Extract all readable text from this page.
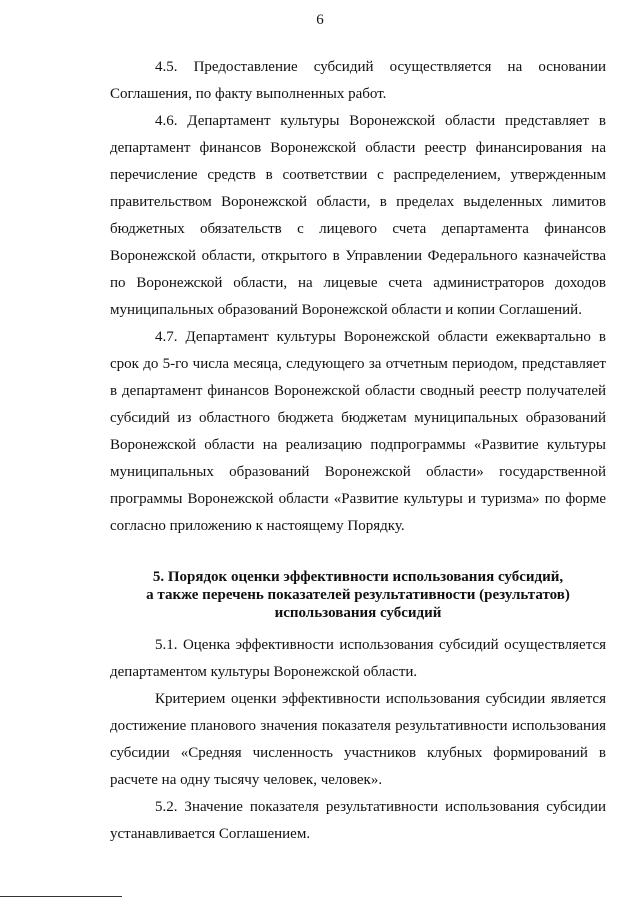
6

4.5. Предоставление субсидий осуществляется на основании Соглашения, по факту выполненных работ.

4.6. Департамент культуры Воронежской области представляет в департамент финансов Воронежской области реестр финансирования на перечисление средств в соответствии с распределением, утвержденным правительством Воронежской области, в пределах выделенных лимитов бюджетных обязательств с лицевого счета департамента финансов Воронежской области, открытого в Управлении Федерального казначейства по Воронежской области, на лицевые счета администраторов доходов муниципальных образований Воронежской области и копии Соглашений.

4.7. Департамент культуры Воронежской области ежеквартально в срок до 5-го числа месяца, следующего за отчетным периодом, представляет в департамент финансов Воронежской области сводный реестр получателей субсидий из областного бюджета бюджетам муниципальных образований Воронежской области на реализацию подпрограммы «Развитие культуры муниципальных образований Воронежской области» государственной программы Воронежской области «Развитие культуры и туризма» по форме согласно приложению к настоящему Порядку.

5. Порядок оценки эффективности использования субсидий,
а также перечень показателей результативности (результатов)
использования субсидий

5.1. Оценка эффективности использования субсидий осуществляется департаментом культуры Воронежской области.

Критерием оценки эффективности использования субсидии является достижение планового значения показателя результативности использования субсидии «Средняя численность участников клубных формирований в расчете на одну тысячу человек, человек».

5.2. Значение показателя результативности использования субсидии устанавливается Соглашением.
